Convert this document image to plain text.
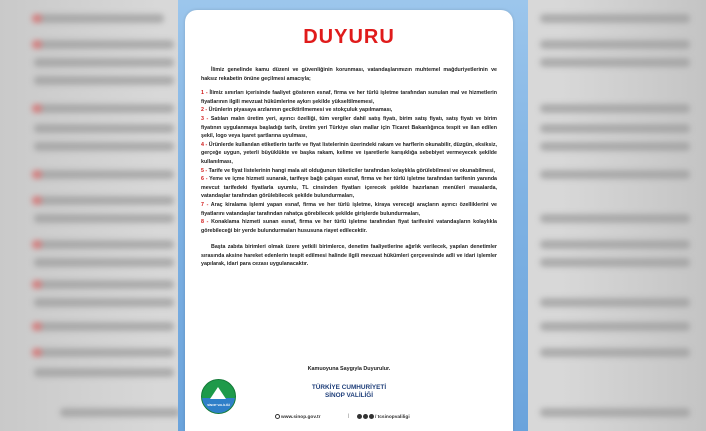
DUYURU

İlimiz genelinde kamu düzeni ve güvenliğinin korunması, vatandaşlarımızın muhtemel mağduriyetlerinin ve haksız rekabetin önüne geçilmesi amacıyla;

1 - İlimiz sınırları içerisinde faaliyet gösteren esnaf, firma ve her türlü işletme tarafından sunulan mal ve hizmetlerin fiyatlarının ilgili mevzuat hükümlerine aykırı şekilde yükseltilmemesi,
2 - Ürünlerin piyasaya arzlarının geciktirilmemesi ve stokçuluk yapılmaması,
3 - Satılan malın üretim yeri, ayırıcı özelliği, tüm vergiler dahil satış fiyatı, birim satış fiyatı, satış fiyatı ve birim fiyatının uygulanmaya başladığı tarih, üretim yeri Türkiye olan mallar için Ticaret Bakanlığınca tespit ve ilan edilen şekil, logo veya işaret şartlarına uyulması,
4 - Ürünlerde kullanılan etiketlerin tarife ve fiyat listelerinin üzerindeki rakam ve harflerin okunabilir, düzgün, eksiksiz, gerçeğe uygun, yeterli büyüklükte ve başka rakam, kelime ve işaretlerle karışıklığa sebebiyet vermeyecek şekilde kullanılması,
5 - Tarife ve fiyat listelerinin hangi mala ait olduğunun tüketiciler tarafından kolaylıkla görülebilmesi ve okunabilmesi,
6 - Yeme ve içme hizmeti sunarak, tarifeye bağlı çalışan esnaf, firma ve her türlü işletme tarafından tarifenin yanında mevcut tarifedeki fiyatlarla uyumlu, TL cinsinden fiyatları içerecek şekilde hazırlanan menüleri masalarda, vatandaşlar tarafından görülebilecek şekilde bulundurmaları,
7 - Araç kiralama işlemi yapan esnaf, firma ve her türlü işletme, kiraya vereceği araçların ayırıcı özelliklerini ve fiyatlarını vatandaşlar tarafından rahatça görebilecek şekilde girişlerde bulundurmaları,
8 - Konaklama hizmeti sunan esnaf, firma ve her türlü işletme tarafından fiyat tarifesini vatandaşların kolaylıkla görebileceği bir yerde bulundurmaları hususuna riayet edilecektir.

Başta zabıta birimleri olmak üzere yetkili birimlerce, denetim faaliyetlerine ağırlık verilecek, yapılan denetimler sırasında aksine hareket edenlerin tespit edilmesi halinde ilgili mevzuat hükümleri çerçevesinde adli ve idari işlemler yapılarak, idari para cezası uygulanacaktır.

Kamuoyuna Saygıyla Duyurulur.
SİNOP VALİLİĞİ
TÜRKİYE CUMHURİYETİ
SİNOP VALİLİĞİ
www.sinop.gov.tr	|	/ tcsinopvaliligi
